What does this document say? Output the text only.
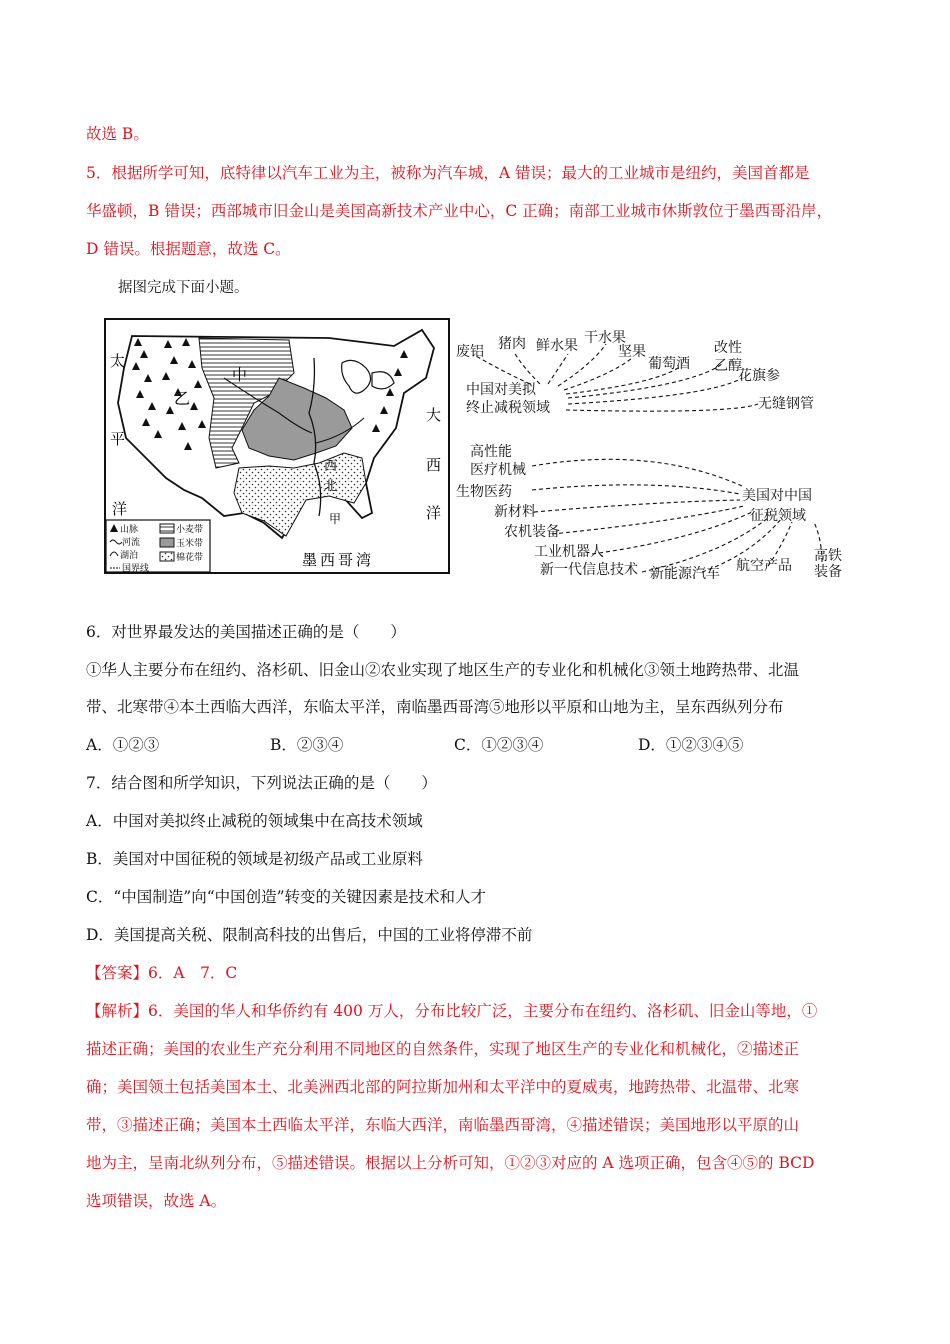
故选 B。
5．根据所学可知，底特律以汽车工业为主，被称为汽车城，A 错误；最大的工业城市是纽约，美国首都是
华盛顿，B 错误；西部城市旧金山是美国高新技术产业中心，C 正确；南部工业城市休斯敦位于墨西哥沿岸，
D 错误。根据题意，故选 C。
据图完成下面小题。
太
平
洋
大
西
洋
墨西哥湾
中
乙
西
北
甲
山脉
河流
湖泊
国界线
小麦带
玉米带
棉花带
废铝 猪肉 鲜水果 干水果
坚果
葡萄酒
改性
乙醇
花旗参
无缝钢管
中国对美拟
终止减税领域
高性能
医疗机械
生物医药
新材料
农机装备
工业机器人
新一代信息技术 新能源汽车 航空产品
高铁
装备
美国对中国
征税领域
6．对世界最发达的美国描述正确的是（　　）
①华人主要分布在纽约、洛杉矶、旧金山②农业实现了地区生产的专业化和机械化③领土地跨热带、北温
带、北寒带④本土西临大西洋，东临太平洋，南临墨西哥湾⑤地形以平原和山地为主，呈东西纵列分布
A．①②③	B．②③④	C．①②③④	D．①②③④⑤
7．结合图和所学知识，下列说法正确的是（　　）
A．中国对美拟终止减税的领域集中在高技术领域
B．美国对中国征税的领域是初级产品或工业原料
C．“中国制造”向“中国创造”转变的关键因素是技术和人才
D．美国提高关税、限制高科技的出售后，中国的工业将停滞不前
【答案】6．A　7．C
【解析】6．美国的华人和华侨约有 400 万人，分布比较广泛，主要分布在纽约、洛杉矶、旧金山等地，①
描述正确；美国的农业生产充分利用不同地区的自然条件，实现了地区生产的专业化和机械化，②描述正
确；美国领土包括美国本土、北美洲西北部的阿拉斯加州和太平洋中的夏威夷，地跨热带、北温带、北寒
带，③描述正确；美国本土西临太平洋，东临大西洋，南临墨西哥湾，④描述错误；美国地形以平原的山
地为主，呈南北纵列分布，⑤描述错误。根据以上分析可知，①②③对应的 A 选项正确，包含④⑤的 BCD
选项错误，故选 A。
